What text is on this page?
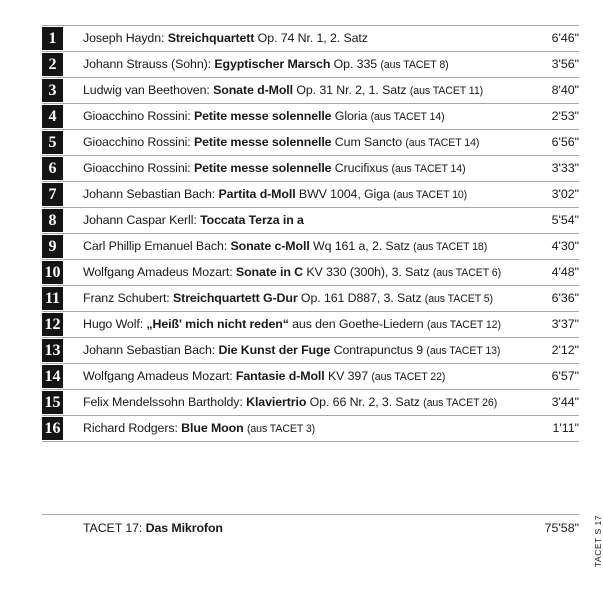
1	Joseph Haydn: Streichquartett Op. 74 Nr. 1, 2. Satz	6'46"
2	Johann Strauss (Sohn): Egyptischer Marsch Op. 335 (aus TACET 8)	3'56"
3	Ludwig van Beethoven: Sonate d-Moll Op. 31 Nr. 2, 1. Satz (aus TACET 11)	8'40"
4	Gioacchino Rossini: Petite messe solennelle Gloria (aus TACET 14)	2'53"
5	Gioacchino Rossini: Petite messe solennelle Cum Sancto (aus TACET 14)	6'56"
6	Gioacchino Rossini: Petite messe solennelle Crucifixus (aus TACET 14)	3'33"
7	Johann Sebastian Bach: Partita d-Moll BWV 1004, Giga (aus TACET 10)	3'02"
8	Johann Caspar Kerll: Toccata Terza in a	5'54"
9	Carl Phillip Emanuel Bach: Sonate c-Moll Wq 161 a, 2. Satz (aus TACET 18)	4'30"
10 Wolfgang Amadeus Mozart: Sonate in C KV 330 (300h), 3. Satz (aus TACET 6)	4'48"
11 Franz Schubert: Streichquartett G-Dur Op. 161 D887, 3. Satz (aus TACET 5)	6'36"
12 Hugo Wolf: „Heiß' mich nicht reden“ aus den Goethe-Liedern (aus TACET 12)	3'37"
13 Johann Sebastian Bach: Die Kunst der Fuge Contrapunctus 9 (aus TACET 13)	2'12"
14 Wolfgang Amadeus Mozart: Fantasie d-Moll KV 397 (aus TACET 22)	6'57"
15 Felix Mendelssohn Bartholdy: Klaviertrio Op. 66 Nr. 2, 3. Satz (aus TACET 26)	3'44"
16 Richard Rodgers: Blue Moon (aus TACET 3)	1'11"
TACET 17: Das Mikrofon	75'58" TACET S 17
